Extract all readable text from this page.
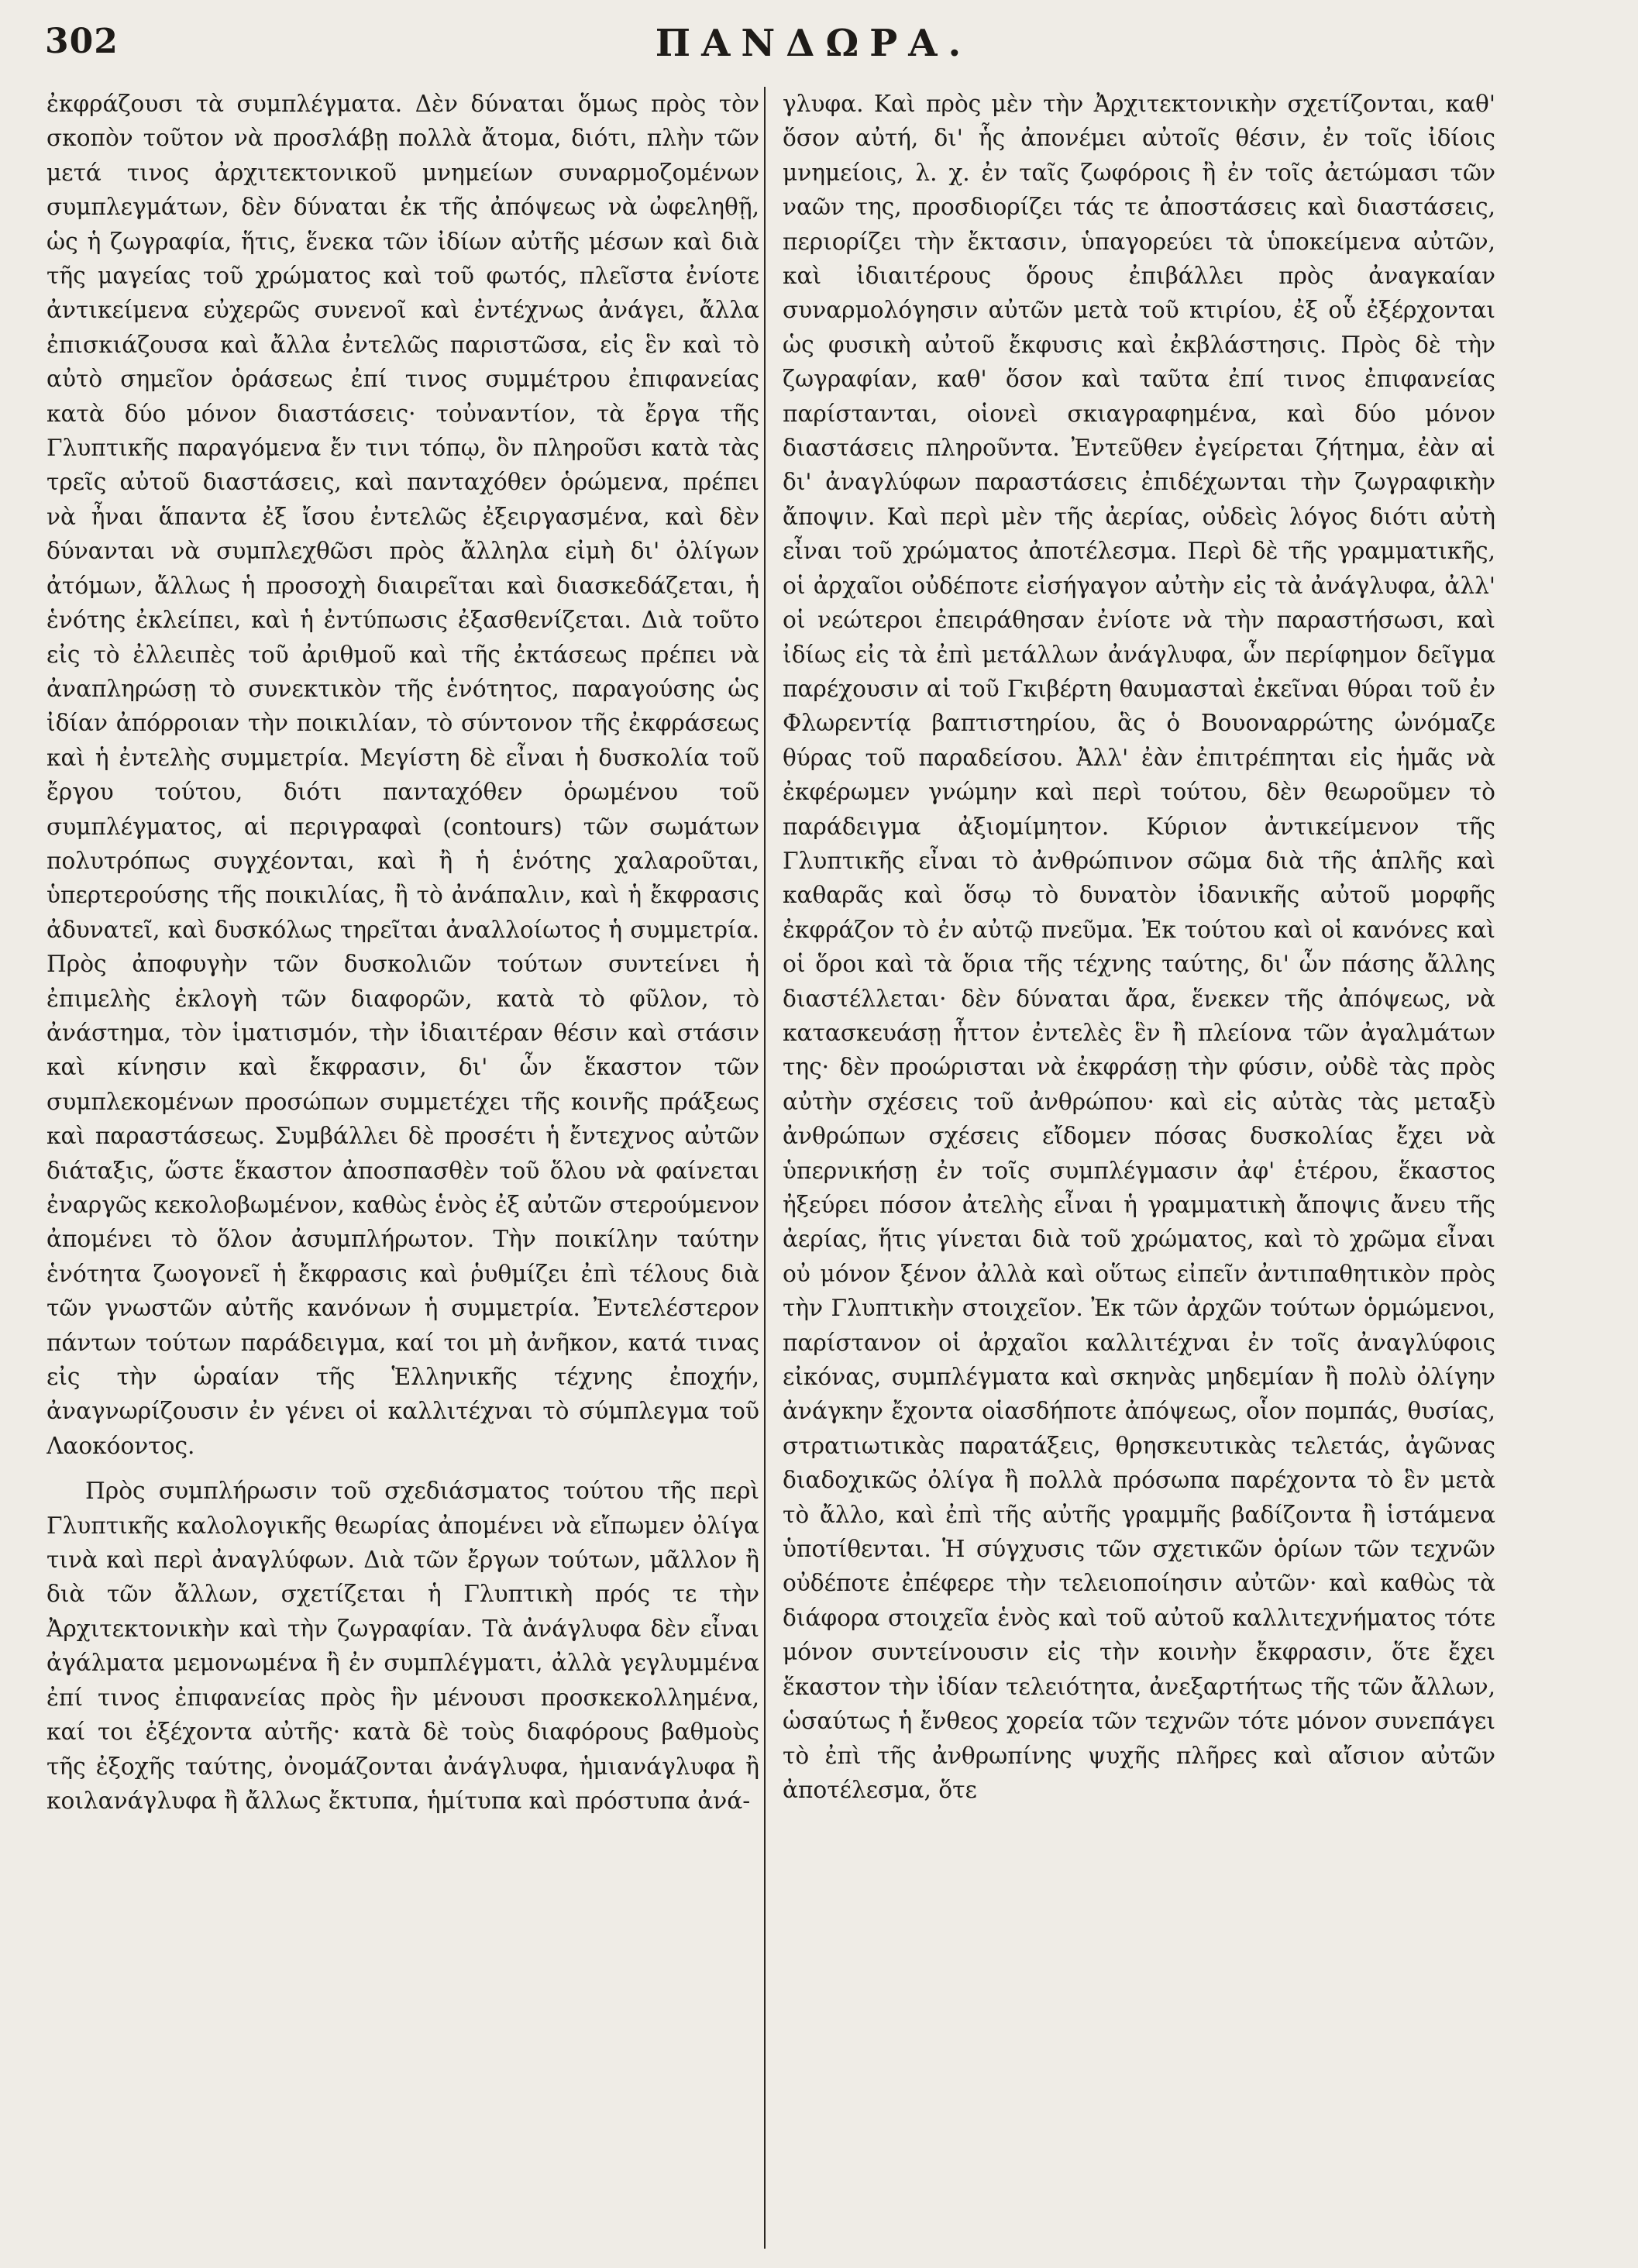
302	ΠΑΝΔΩΡΑ.

ἐκφράζουσι τὰ συμπλέγματα. Δὲν δύναται ὅμως πρὸς τὸν σκοπὸν τοῦτον νὰ προσλάβῃ πολλὰ ἄτομα, διότι, πλὴν τῶν μετά τινος ἀρχιτεκτονικοῦ μνημείων συναρμοζομένων συμπλεγμάτων, δὲν δύναται ἐκ τῆς ἀπόψεως νὰ ὠφεληθῇ, ὡς ἡ ζωγραφία, ἥτις, ἕνεκα τῶν ἰδίων αὐτῆς μέσων καὶ διὰ τῆς μαγείας τοῦ χρώματος καὶ τοῦ φωτός, πλεῖστα ἐνίοτε ἀντικείμενα εὐχερῶς συνενοῖ καὶ ἐντέχνως ἀνάγει, ἄλλα ἐπισκιάζουσα καὶ ἄλλα ἐντελῶς παριστῶσα, εἰς ἓν καὶ τὸ αὐτὸ σημεῖον ὁράσεως ἐπί τινος συμμέτρου ἐπιφανείας κατὰ δύο μόνον διαστάσεις· τοὐναντίον, τὰ ἔργα τῆς Γλυπτικῆς παραγόμενα ἔν τινι τόπῳ, ὃν πληροῦσι κατὰ τὰς τρεῖς αὐτοῦ διαστάσεις, καὶ πανταχόθεν ὁρώμενα, πρέπει νὰ ἦναι ἅπαντα ἐξ ἴσου ἐντελῶς ἐξειργασμένα, καὶ δὲν δύνανται νὰ συμπλεχθῶσι πρὸς ἄλληλα εἰμὴ δι' ὀλίγων ἀτόμων, ἄλλως ἡ προσοχὴ διαιρεῖται καὶ διασκεδάζεται, ἡ ἑνότης ἐκλείπει, καὶ ἡ ἐντύπωσις ἐξασθενίζεται. Διὰ τοῦτο εἰς τὸ ἐλλειπὲς τοῦ ἀριθμοῦ καὶ τῆς ἐκτάσεως πρέπει νὰ ἀναπληρώσῃ τὸ συνεκτικὸν τῆς ἑνότητος, παραγούσης ὡς ἰδίαν ἀπόρροιαν τὴν ποικιλίαν, τὸ σύντονον τῆς ἐκφράσεως καὶ ἡ ἐντελὴς συμμετρία. Μεγίστη δὲ εἶναι ἡ δυσκολία τοῦ ἔργου τούτου, διότι πανταχόθεν ὁρωμένου τοῦ συμπλέγματος, αἱ περιγραφαὶ (contours) τῶν σωμάτων πολυτρόπως συγχέονται, καὶ ἢ ἡ ἑνότης χαλαροῦται, ὑπερτερούσης τῆς ποικιλίας, ἢ τὸ ἀνάπαλιν, καὶ ἡ ἔκφρασις ἀδυνατεῖ, καὶ δυσκόλως τηρεῖται ἀναλλοίωτος ἡ συμμετρία. Πρὸς ἀποφυγὴν τῶν δυσκολιῶν τούτων συντείνει ἡ ἐπιμελὴς ἐκλογὴ τῶν διαφορῶν, κατὰ τὸ φῦλον, τὸ ἀνάστημα, τὸν ἱματισμόν, τὴν ἰδιαιτέραν θέσιν καὶ στάσιν καὶ κίνησιν καὶ ἔκφρασιν, δι' ὧν ἕκαστον τῶν συμπλεκομένων προσώπων συμμετέχει τῆς κοινῆς πράξεως καὶ παραστάσεως. Συμβάλλει δὲ προσέτι ἡ ἔντεχνος αὐτῶν διάταξις, ὥστε ἕκαστον ἀποσπασθὲν τοῦ ὅλου νὰ φαίνεται ἐναργῶς κεκολοβωμένον, καθὼς ἑνὸς ἐξ αὐτῶν στερούμενον ἀπομένει τὸ ὅλον ἀσυμπλήρωτον. Τὴν ποικίλην ταύτην ἑνότητα ζωογονεῖ ἡ ἔκφρασις καὶ ῥυθμίζει ἐπὶ τέλους διὰ τῶν γνωστῶν αὐτῆς κανόνων ἡ συμμετρία. Ἐντελέστερον πάντων τούτων παράδειγμα, καί τοι μὴ ἀνῆκον, κατά τινας εἰς τὴν ὡραίαν τῆς Ἑλληνικῆς τέχνης ἐποχήν, ἀναγνωρίζουσιν ἐν γένει οἱ καλλιτέχναι τὸ σύμπλεγμα τοῦ Λαοκόοντος.

Πρὸς συμπλήρωσιν τοῦ σχεδιάσματος τούτου τῆς περὶ Γλυπτικῆς καλολογικῆς θεωρίας ἀπομένει νὰ εἴπωμεν ὀλίγα τινὰ καὶ περὶ ἀναγλύφων. Διὰ τῶν ἔργων τούτων, μᾶλλον ἢ διὰ τῶν ἄλλων, σχετίζεται ἡ Γλυπτικὴ πρός τε τὴν Ἀρχιτεκτονικὴν καὶ τὴν ζωγραφίαν. Τὰ ἀνάγλυφα δὲν εἶναι ἀγάλματα μεμονωμένα ἢ ἐν συμπλέγματι, ἀλλὰ γεγλυμμένα ἐπί τινος ἐπιφανείας πρὸς ἣν μένουσι προσκεκολλημένα, καί τοι ἐξέχοντα αὐτῆς· κατὰ δὲ τοὺς διαφόρους βαθμοὺς τῆς ἐξοχῆς ταύτης, ὀνομάζονται ἀνάγλυφα, ἡμιανάγλυφα ἢ κοιλανάγλυφα ἢ ἄλλως ἔκτυπα, ἡμίτυπα καὶ πρόστυπα ἀνά-

γλυφα. Καὶ πρὸς μὲν τὴν Ἀρχιτεκτονικὴν σχετίζονται, καθ' ὅσον αὐτή, δι' ἧς ἀπονέμει αὐτοῖς θέσιν, ἐν τοῖς ἰδίοις μνημείοις, λ. χ. ἐν ταῖς ζωφόροις ἢ ἐν τοῖς ἀετώμασι τῶν ναῶν της, προσδιορίζει τάς τε ἀποστάσεις καὶ διαστάσεις, περιορίζει τὴν ἔκτασιν, ὑπαγορεύει τὰ ὑποκείμενα αὐτῶν, καὶ ἰδιαιτέρους ὅρους ἐπιβάλλει πρὸς ἀναγκαίαν συναρμολόγησιν αὐτῶν μετὰ τοῦ κτιρίου, ἐξ οὗ ἐξέρχονται ὡς φυσικὴ αὐτοῦ ἔκφυσις καὶ ἐκβλάστησις. Πρὸς δὲ τὴν ζωγραφίαν, καθ' ὅσον καὶ ταῦτα ἐπί τινος ἐπιφανείας παρίστανται, οἱονεὶ σκιαγραφημένα, καὶ δύο μόνον διαστάσεις πληροῦντα. Ἐντεῦθεν ἐγείρεται ζήτημα, ἐὰν αἱ δι' ἀναγλύφων παραστάσεις ἐπιδέχωνται τὴν ζωγραφικὴν ἄποψιν. Καὶ περὶ μὲν τῆς ἀερίας, οὐδεὶς λόγος διότι αὐτὴ εἶναι τοῦ χρώματος ἀποτέλεσμα. Περὶ δὲ τῆς γραμματικῆς, οἱ ἀρχαῖοι οὐδέποτε εἰσήγαγον αὐτὴν εἰς τὰ ἀνάγλυφα, ἀλλ' οἱ νεώτεροι ἐπειράθησαν ἐνίοτε νὰ τὴν παραστήσωσι, καὶ ἰδίως εἰς τὰ ἐπὶ μετάλλων ἀνάγλυφα, ὧν περίφημον δεῖγμα παρέχουσιν αἱ τοῦ Γκιβέρτη θαυμασταὶ ἐκεῖναι θύραι τοῦ ἐν Φλωρεντίᾳ βαπτιστηρίου, ἃς ὁ Βουοναρρώτης ὠνόμαζε θύρας τοῦ παραδείσου. Ἀλλ' ἐὰν ἐπιτρέπηται εἰς ἡμᾶς νὰ ἐκφέρωμεν γνώμην καὶ περὶ τούτου, δὲν θεωροῦμεν τὸ παράδειγμα ἀξιομίμητον. Κύριον ἀντικείμενον τῆς Γλυπτικῆς εἶναι τὸ ἀνθρώπινον σῶμα διὰ τῆς ἁπλῆς καὶ καθαρᾶς καὶ ὅσῳ τὸ δυνατὸν ἰδανικῆς αὐτοῦ μορφῆς ἐκφράζον τὸ ἐν αὐτῷ πνεῦμα. Ἐκ τούτου καὶ οἱ κανόνες καὶ οἱ ὅροι καὶ τὰ ὅρια τῆς τέχνης ταύτης, δι' ὧν πάσης ἄλλης διαστέλλεται· δὲν δύναται ἄρα, ἕνεκεν τῆς ἀπόψεως, νὰ κατασκευάσῃ ἧττον ἐντελὲς ἓν ἢ πλείονα τῶν ἀγαλμάτων της· δὲν προώρισται νὰ ἐκφράσῃ τὴν φύσιν, οὐδὲ τὰς πρὸς αὐτὴν σχέσεις τοῦ ἀνθρώπου· καὶ εἰς αὐτὰς τὰς μεταξὺ ἀνθρώπων σχέσεις εἴδομεν πόσας δυσκολίας ἔχει νὰ ὑπερνικήσῃ ἐν τοῖς συμπλέγμασιν ἀφ' ἑτέρου, ἕκαστος ἠξεύρει πόσον ἀτελὴς εἶναι ἡ γραμματικὴ ἄποψις ἄνευ τῆς ἀερίας, ἥτις γίνεται διὰ τοῦ χρώματος, καὶ τὸ χρῶμα εἶναι οὐ μόνον ξένον ἀλλὰ καὶ οὕτως εἰπεῖν ἀντιπαθητικὸν πρὸς τὴν Γλυπτικὴν στοιχεῖον. Ἐκ τῶν ἀρχῶν τούτων ὁρμώμενοι, παρίστανον οἱ ἀρχαῖοι καλλιτέχναι ἐν τοῖς ἀναγλύφοις εἰκόνας, συμπλέγματα καὶ σκηνὰς μηδεμίαν ἢ πολὺ ὀλίγην ἀνάγκην ἔχοντα οἱασδήποτε ἀπόψεως, οἷον πομπάς, θυσίας, στρατιωτικὰς παρατάξεις, θρησκευτικὰς τελετάς, ἀγῶνας διαδοχικῶς ὀλίγα ἢ πολλὰ πρόσωπα παρέχοντα τὸ ἓν μετὰ τὸ ἄλλο, καὶ ἐπὶ τῆς αὐτῆς γραμμῆς βαδίζοντα ἢ ἱστάμενα ὑποτίθενται. Ἡ σύγχυσις τῶν σχετικῶν ὁρίων τῶν τεχνῶν οὐδέποτε ἐπέφερε τὴν τελειοποίησιν αὐτῶν· καὶ καθὼς τὰ διάφορα στοιχεῖα ἑνὸς καὶ τοῦ αὐτοῦ καλλιτεχνήματος τότε μόνον συντείνουσιν εἰς τὴν κοινὴν ἔκφρασιν, ὅτε ἔχει ἕκαστον τὴν ἰδίαν τελειότητα, ἀνεξαρτήτως τῆς τῶν ἄλλων, ὡσαύτως ἡ ἔνθεος χορεία τῶν τεχνῶν τότε μόνον συνεπάγει τὸ ἐπὶ τῆς ἀνθρωπίνης ψυχῆς πλῆρες καὶ αἴσιον αὐτῶν ἀποτέλεσμα, ὅτε
